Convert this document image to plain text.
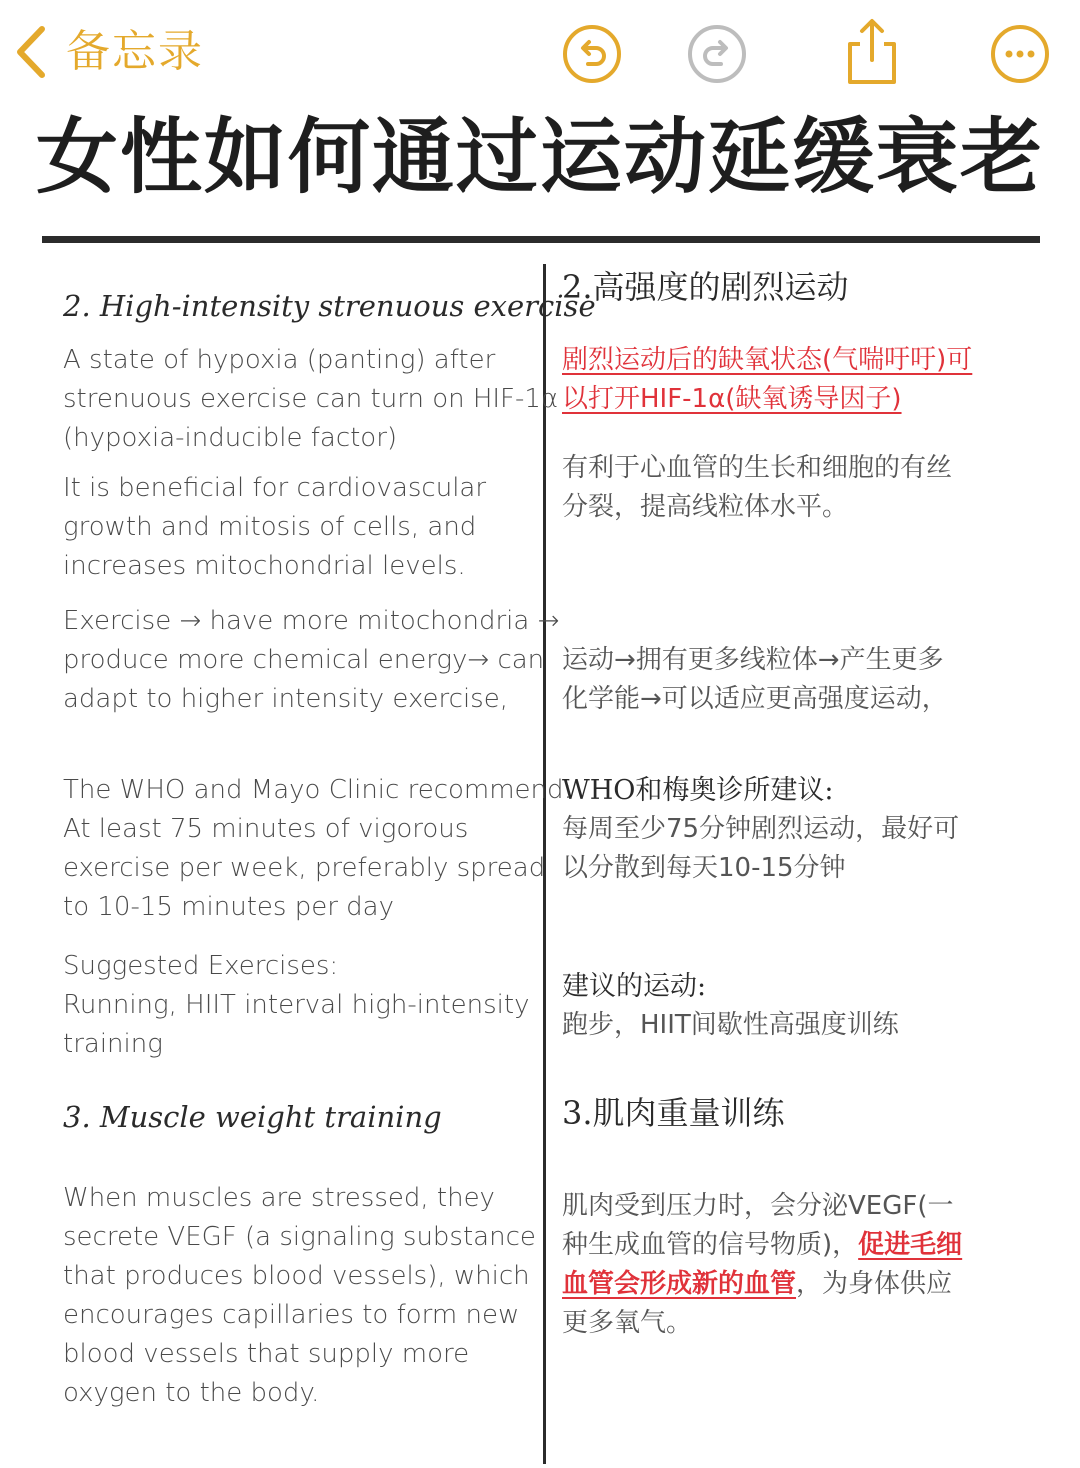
备忘录
女性如何通过运动延缓衰老
2. High-intensity strenuous exercise
A state of hypoxia (panting) after
strenuous exercise can turn on HIF-1α
(hypoxia-inducible factor)
It is beneficial for cardiovascular
growth and mitosis of cells, and
increases mitochondrial levels.
Exercise → have more mitochondria →
produce more chemical energy→ can
adapt to higher intensity exercise,
The WHO and Mayo Clinic recommend:
At least 75 minutes of vigorous
exercise per week, preferably spread
to 10-15 minutes per day
Suggested Exercises:
Running, HIIT interval high-intensity
training
3. Muscle weight training
When muscles are stressed, they
secrete VEGF (a signaling substance
that produces blood vessels), which
encourages capillaries to form new
blood vessels that supply more
oxygen to the body.
2.高强度的剧烈运动
剧烈运动后的缺氧状态(气喘吁吁)可
以打开HIF-1α(缺氧诱导因子)
有利于心血管的生长和细胞的有丝
分裂，提高线粒体水平。
运动→拥有更多线粒体→产生更多
化学能→可以适应更高强度运动，
WHO和梅奥诊所建议:
每周至少75分钟剧烈运动，最好可
以分散到每天10-15分钟
建议的运动:
跑步，HIIT间歇性高强度训练
3.肌肉重量训练
肌肉受到压力时，会分泌VEGF(一
种生成血管的信号物质)，促进毛细
血管会形成新的血管，为身体供应
更多氧气。
